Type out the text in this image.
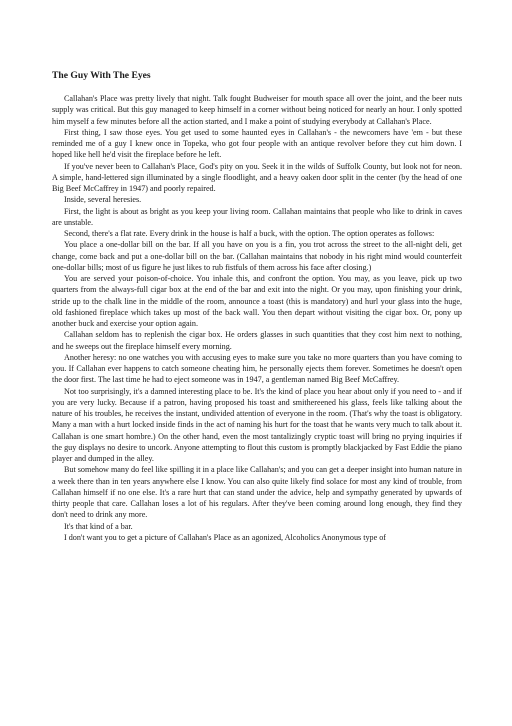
The Guy With The Eyes

Callahan's Place was pretty lively that night. Talk fought Budweiser for mouth space all over the joint, and the beer nuts supply was critical. But this guy managed to keep himself in a corner without being noticed for nearly an hour. I only spotted him myself a few minutes before all the action started, and I make a point of studying everybody at Callahan's Place.

First thing, I saw those eyes. You get used to some haunted eyes in Callahan's - the newcomers have 'em - but these reminded me of a guy I knew once in Topeka, who got four people with an antique revolver before they cut him down. I hoped like hell he'd visit the fireplace before he left.

If you've never been to Callahan's Place, God's pity on you. Seek it in the wilds of Suffolk County, but look not for neon. A simple, hand-lettered sign illuminated by a single floodlight, and a heavy oaken door split in the center (by the head of one Big Beef McCaffrey in 1947) and poorly repaired.

Inside, several heresies.

First, the light is about as bright as you keep your living room. Callahan maintains that people who like to drink in caves are unstable.

Second, there's a flat rate. Every drink in the house is half a buck, with the option. The option operates as follows:

You place a one-dollar bill on the bar. If all you have on you is a fin, you trot across the street to the all-night deli, get change, come back and put a one-dollar bill on the bar. (Callahan maintains that nobody in his right mind would counterfeit one-dollar bills; most of us figure he just likes to rub fistfuls of them across his face after closing.)

You are served your poison-of-choice. You inhale this, and confront the option. You may, as you leave, pick up two quarters from the always-full cigar box at the end of the bar and exit into the night. Or you may, upon finishing your drink, stride up to the chalk line in the middle of the room, announce a toast (this is mandatory) and hurl your glass into the huge, old fashioned fireplace which takes up most of the back wall. You then depart without visiting the cigar box. Or, pony up another buck and exercise your option again.

Callahan seldom has to replenish the cigar box. He orders glasses in such quantities that they cost him next to nothing, and he sweeps out the fireplace himself every morning.

Another heresy: no one watches you with accusing eyes to make sure you take no more quarters than you have coming to you. If Callahan ever happens to catch someone cheating him, he personally ejects them forever. Sometimes he doesn't open the door first. The last time he had to eject someone was in 1947, a gentleman named Big Beef McCaffrey.

Not too surprisingly, it's a damned interesting place to be. It's the kind of place you hear about only if you need to - and if you are very lucky. Because if a patron, having proposed his toast and smithereened his glass, feels like talking about the nature of his troubles, he receives the instant, undivided attention of everyone in the room. (That's why the toast is obligatory. Many a man with a hurt locked inside finds in the act of naming his hurt for the toast that he wants very much to talk about it. Callahan is one smart hombre.) On the other hand, even the most tantalizingly cryptic toast will bring no prying inquiries if the guy displays no desire to uncork. Anyone attempting to flout this custom is promptly blackjacked by Fast Eddie the piano player and dumped in the alley.

But somehow many do feel like spilling it in a place like Callahan's; and you can get a deeper insight into human nature in a week there than in ten years anywhere else I know. You can also quite likely find solace for most any kind of trouble, from Callahan himself if no one else. It's a rare hurt that can stand under the advice, help and sympathy generated by upwards of thirty people that care. Callahan loses a lot of his regulars. After they've been coming around long enough, they find they don't need to drink any more.

It's that kind of a bar.

I don't want you to get a picture of Callahan's Place as an agonized, Alcoholics Anonymous type of
